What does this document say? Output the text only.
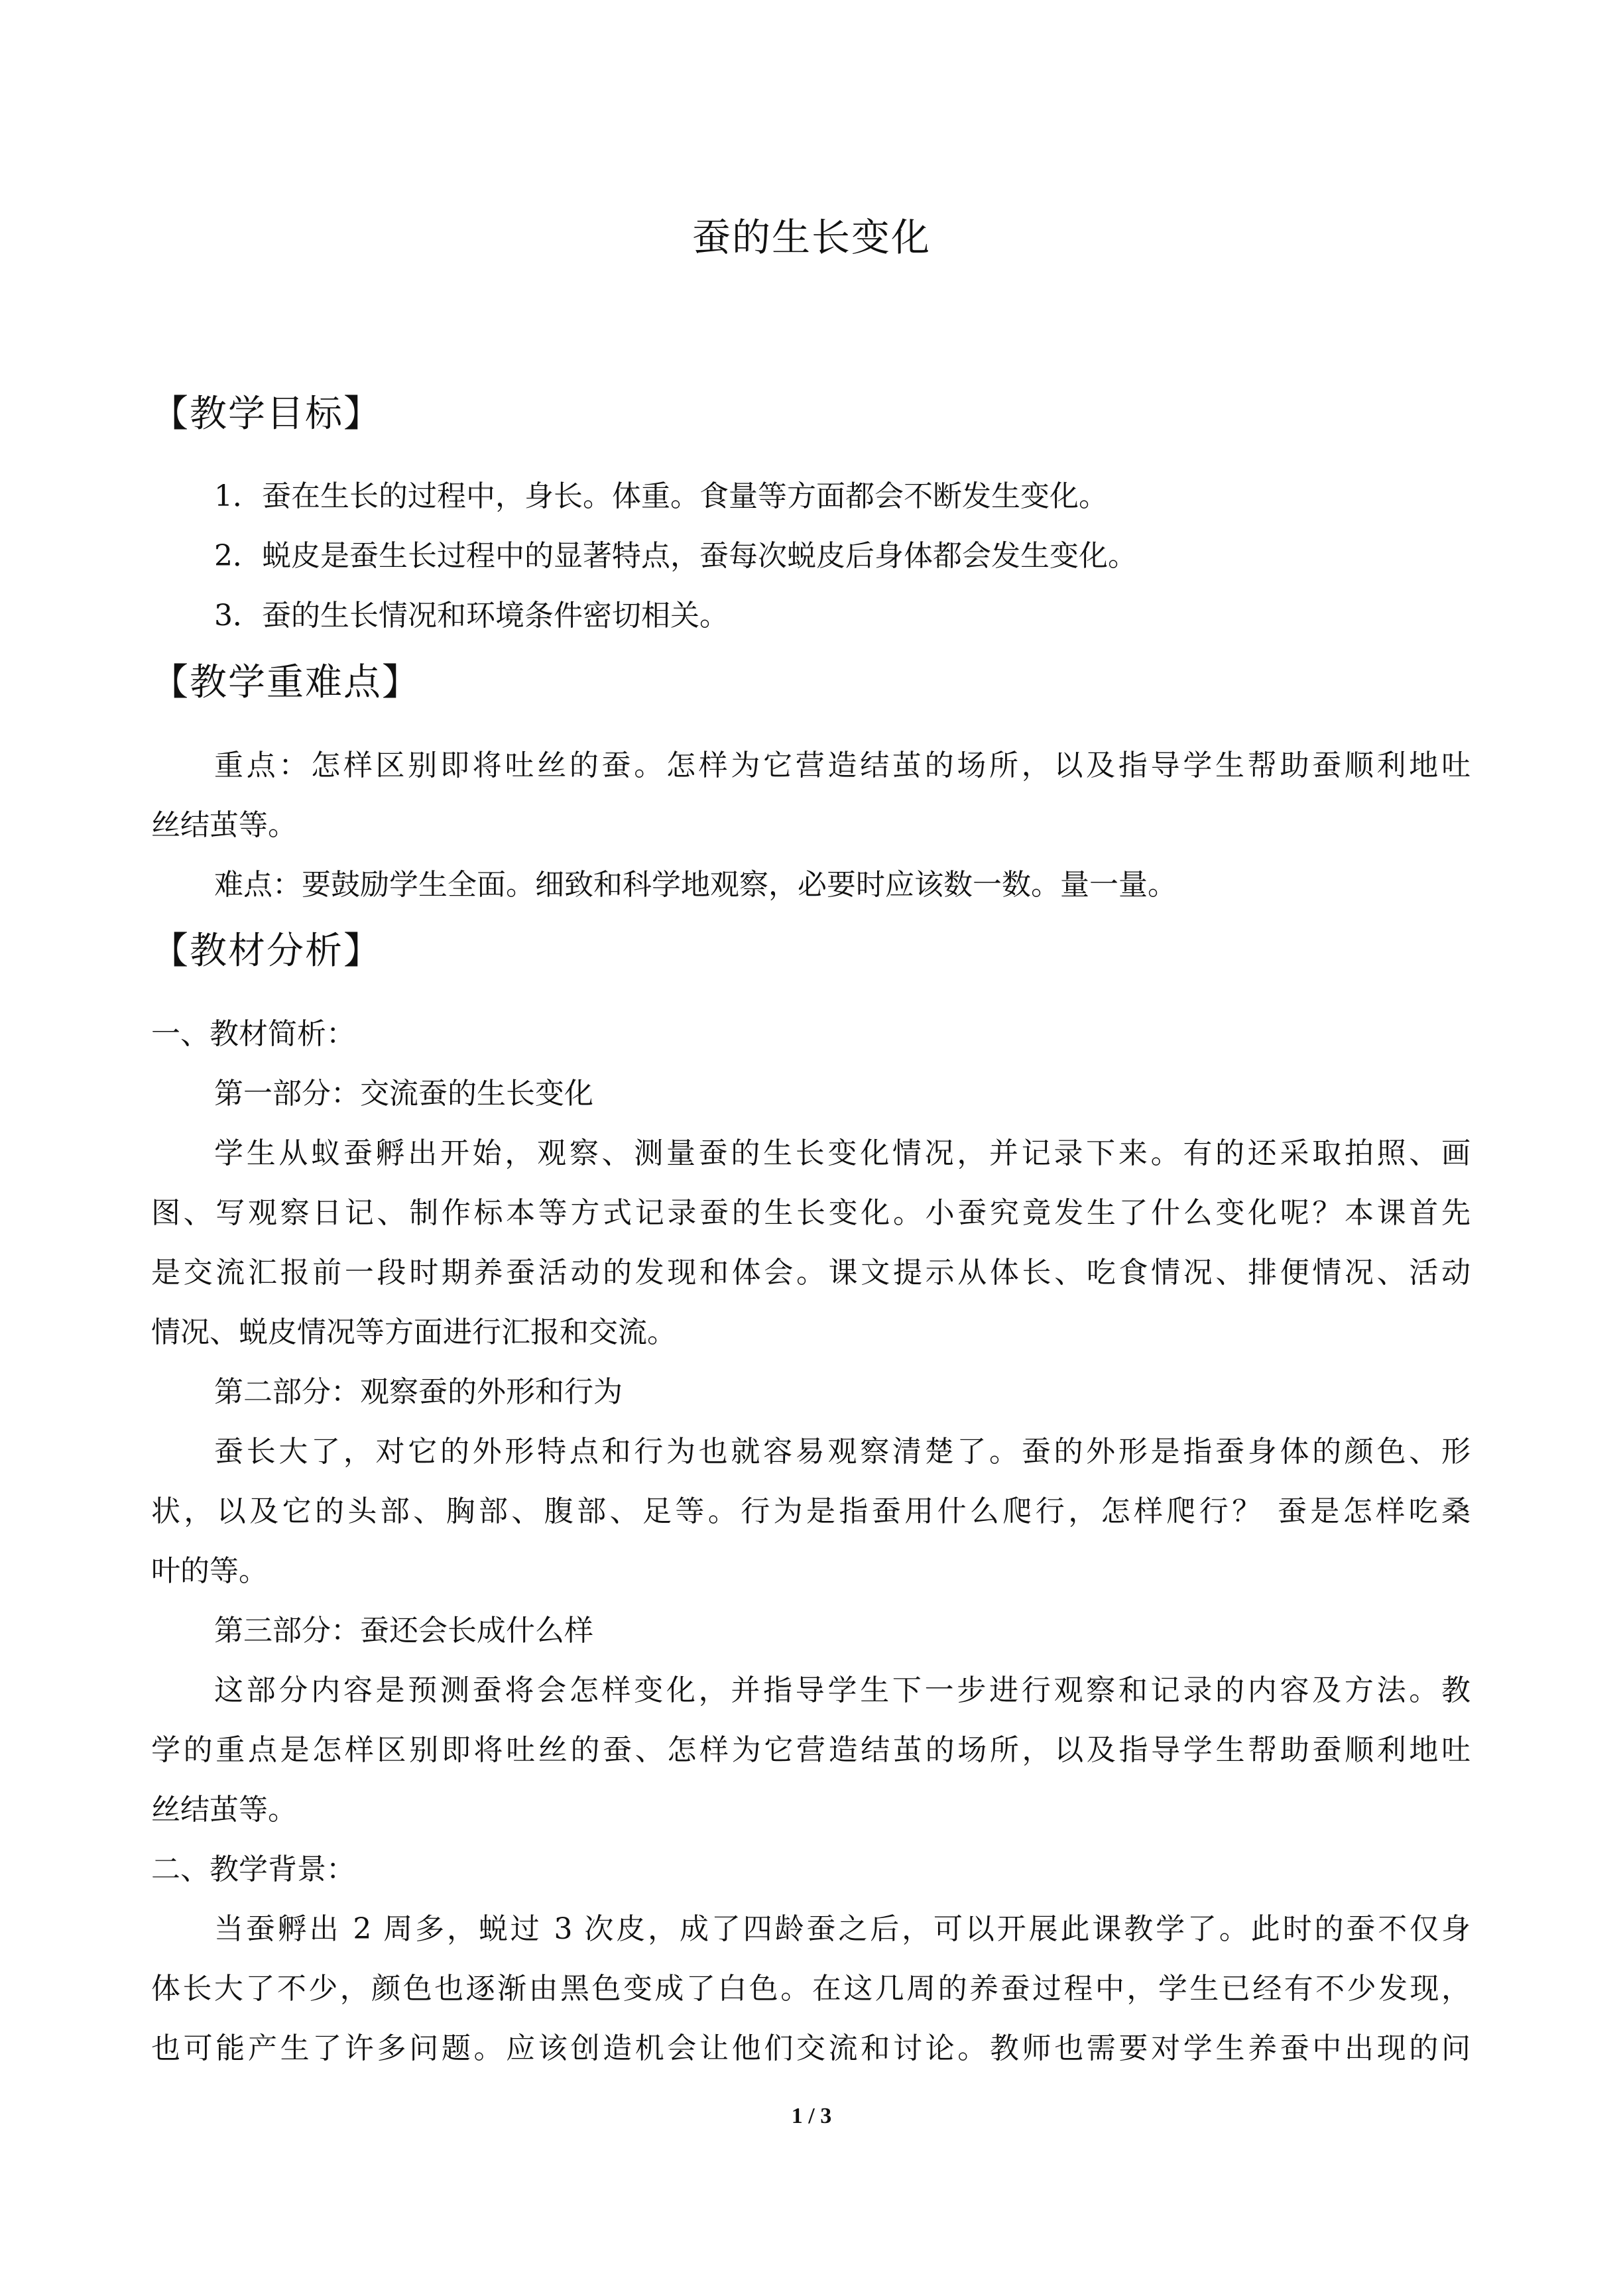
蚕的生长变化
【教学目标】
1．蚕在生长的过程中，身长。体重。食量等方面都会不断发生变化。
2．蜕皮是蚕生长过程中的显著特点，蚕每次蜕皮后身体都会发生变化。
3．蚕的生长情况和环境条件密切相关。
【教学重难点】
重点：怎样区别即将吐丝的蚕。怎样为它营造结茧的场所，以及指导学生帮助蚕顺利地吐
丝结茧等。
难点：要鼓励学生全面。细致和科学地观察，必要时应该数一数。量一量。
【教材分析】
一、教材简析：
第一部分：交流蚕的生长变化
学生从蚁蚕孵出开始，观察、测量蚕的生长变化情况，并记录下来。有的还采取拍照、画
图、写观察日记、制作标本等方式记录蚕的生长变化。小蚕究竟发生了什么变化呢？本课首先
是交流汇报前一段时期养蚕活动的发现和体会。课文提示从体长、吃食情况、排便情况、活动
情况、蜕皮情况等方面进行汇报和交流。
第二部分：观察蚕的外形和行为
蚕长大了，对它的外形特点和行为也就容易观察清楚了。蚕的外形是指蚕身体的颜色、形
状，以及它的头部、胸部、腹部、足等。行为是指蚕用什么爬行，怎样爬行？ 蚕是怎样吃桑
叶的等。
第三部分：蚕还会长成什么样
这部分内容是预测蚕将会怎样变化，并指导学生下一步进行观察和记录的内容及方法。教
学的重点是怎样区别即将吐丝的蚕、怎样为它营造结茧的场所，以及指导学生帮助蚕顺利地吐
丝结茧等。
二、教学背景：
当蚕孵出 2 周多，蜕过 3 次皮，成了四龄蚕之后，可以开展此课教学了。此时的蚕不仅身
体长大了不少，颜色也逐渐由黑色变成了白色。在这几周的养蚕过程中，学生已经有不少发现，
也可能产生了许多问题。应该创造机会让他们交流和讨论。教师也需要对学生养蚕中出现的问
1 / 3
